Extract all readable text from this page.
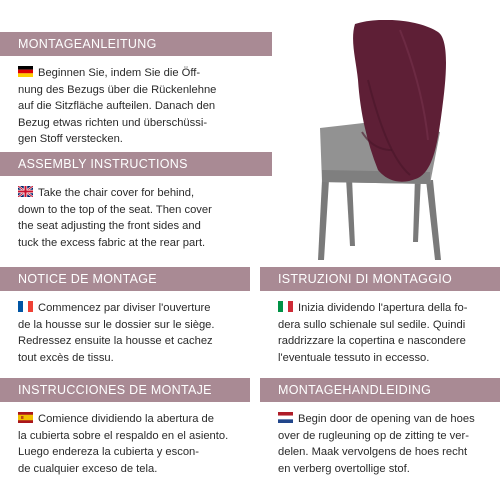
MONTAGEANLEITUNG
Beginnen Sie, indem Sie die Öff-
nung des Bezugs über die Rückenlehne
auf die Sitzfläche aufteilen. Danach den
Bezug etwas richten und überschüssi-
gen Stoff verstecken.
ASSEMBLY INSTRUCTIONS
Take the chair cover for behind,
down to the top of the seat. Then cover
the seat adjusting the front sides and
tuck the excess fabric at the rear part.
NOTICE DE MONTAGE
Commencez par diviser l'ouverture
de la housse sur le dossier sur le siège.
Redressez ensuite la housse et cachez
tout excès de tissu.
ISTRUZIONI DI MONTAGGIO
Inizia dividendo l'apertura della fo-
dera sullo schienale sul sedile. Quindi
raddrizzare la copertina e nascondere
l'eventuale tessuto in eccesso.
INSTRUCCIONES DE MONTAJE
Comience dividiendo la abertura de
la cubierta sobre el respaldo en el asiento.
Luego endereza la cubierta y escon-
de cualquier exceso de tela.
MONTAGEHANDLEIDING
Begin door de opening van de hoes
over de rugleuning op de zitting te ver-
delen. Maak vervolgens de hoes recht
en verberg overtollige stof.
